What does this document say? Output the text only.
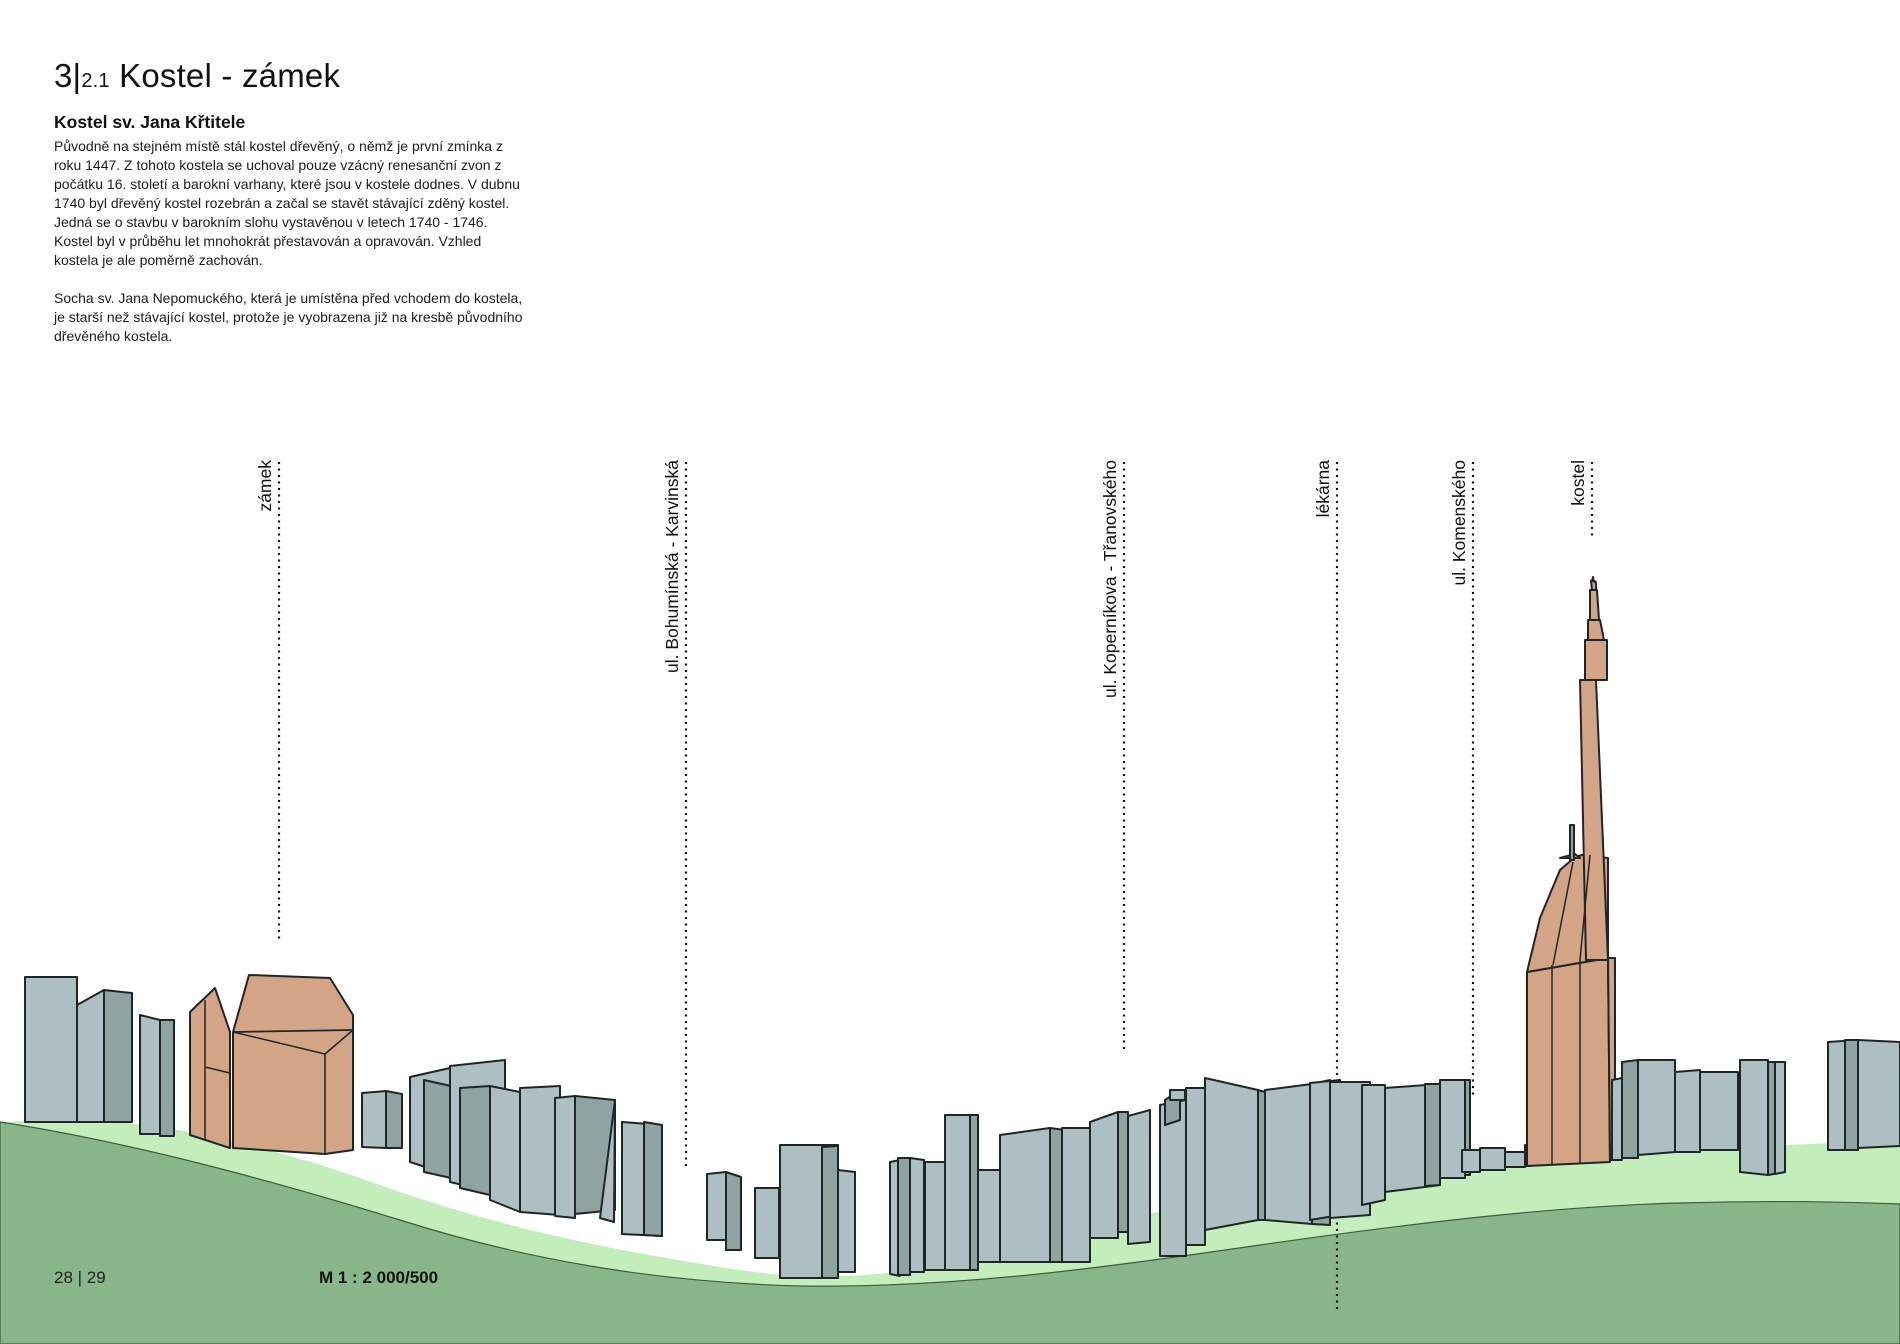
3|2.1 Kostel - zámek
Kostel sv. Jana Křtitele

Původně na stejném místě stál kostel dřevěný, o němž je první zmínka z roku 1447. Z tohoto kostela se uchoval pouze vzácný renesanční zvon z počátku 16. století a barokní varhany, které jsou v kostele dodnes. V dubnu 1740 byl dřevěný kostel rozebrán a začal se stavět stávající zděný kostel. Jedná se o stavbu v barokním slohu vystavěnou v letech 1740 - 1746. Kostel byl v průběhu let mnohokrát přestavován a opravován. Vzhled kostela je ale poměrně zachován.

Socha sv. Jana Nepomuckého, která je umístěna před vchodem do kostela, je starší než stávající kostel, protože je vyobrazena již na kresbě původního dřevěného kostela.

zámek	ul. Bohumínská - Karvinská	ul. Koperníkova - Třanovského	lékárna	ul. Komenského	kostel
28 | 29	M 1 : 2 000/500
